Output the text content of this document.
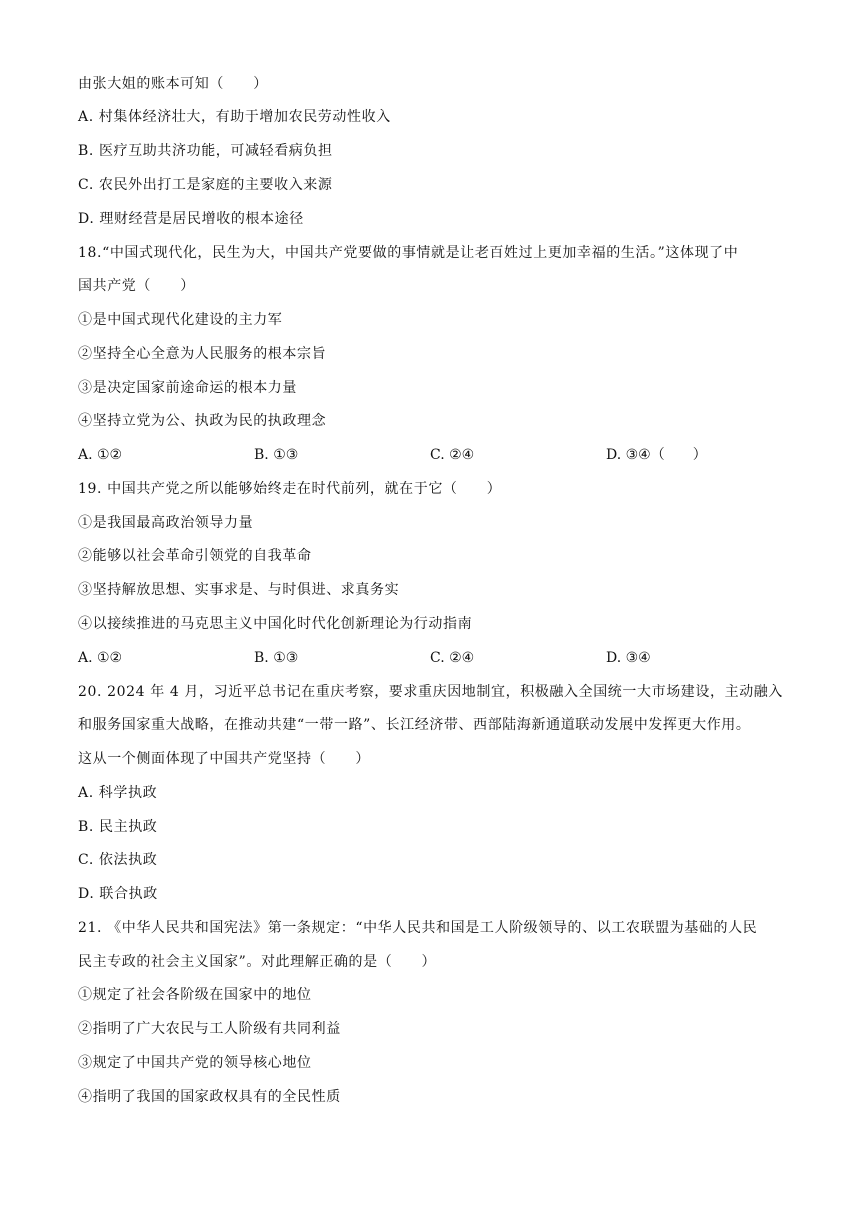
由张大姐的账本可知（　　）
A. 村集体经济壮大，有助于增加农民劳动性收入
B. 医疗互助共济功能，可减轻看病负担
C. 农民外出打工是家庭的主要收入来源
D. 理财经营是居民增收的根本途径
18.“中国式现代化，民生为大，中国共产党要做的事情就是让老百姓过上更加幸福的生活。”这体现了中
国共产党（　　）
①是中国式现代化建设的主力军
②坚持全心全意为人民服务的根本宗旨
③是决定国家前途命运的根本力量
④坚持立党为公、执政为民的执政理念
A. ①②	B. ①③	C. ②④	D. ③④（　　）
19. 中国共产党之所以能够始终走在时代前列，就在于它（　　）
①是我国最高政治领导力量
②能够以社会革命引领党的自我革命
③坚持解放思想、实事求是、与时俱进、求真务实
④以接续推进的马克思主义中国化时代化创新理论为行动指南
A. ①②	B. ①③	C. ②④	D. ③④
20. 2024 年 4 月，习近平总书记在重庆考察，要求重庆因地制宜，积极融入全国统一大市场建设，主动融入
和服务国家重大战略，在推动共建“一带一路”、长江经济带、西部陆海新通道联动发展中发挥更大作用。
这从一个侧面体现了中国共产党坚持（　　）
A. 科学执政
B. 民主执政
C. 依法执政
D. 联合执政
21. 《中华人民共和国宪法》第一条规定：“中华人民共和国是工人阶级领导的、以工农联盟为基础的人民
民主专政的社会主义国家”。对此理解正确的是（　　）
①规定了社会各阶级在国家中的地位
②指明了广大农民与工人阶级有共同利益
③规定了中国共产党的领导核心地位
④指明了我国的国家政权具有的全民性质
